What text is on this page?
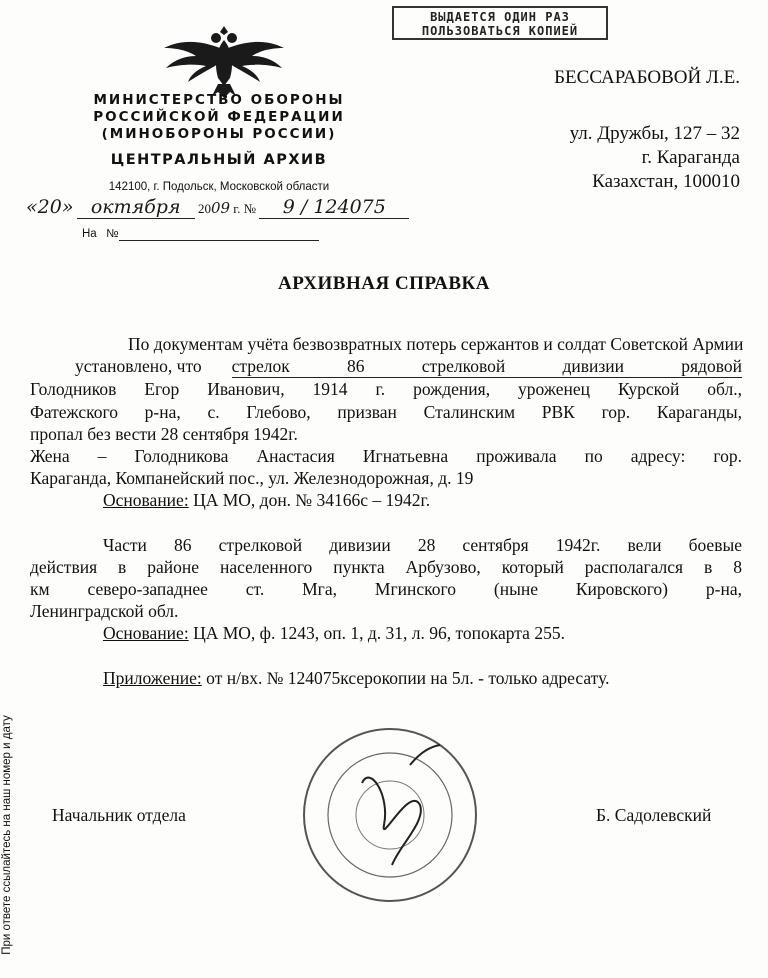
ВЫДАЕТСЯ ОДИН РАЗ
ПОЛЬЗОВАТЬСЯ КОПИЕЙ
МИНИСТЕРСТВО ОБОРОНЫ
РОССИЙСКОЙ ФЕДЕРАЦИИ
(МИНОБОРОНЫ РОССИИ)
ЦЕНТРАЛЬНЫЙ АРХИВ
142100, г. Подольск, Московской области
«20» октября 2009 г. № 9 / 124075
На №
БЕССАРАБОВОЙ Л.Е.
ул. Дружбы, 127 – 32
г. Караганда
Казахстан, 100010
АРХИВНАЯ СПРАВКА

По документам учёта безвозвратных потерь сержантов и солдат Советской Армии

установлено, что стрелок 86 стрелковой дивизии рядовой

Голодников Егор Иванович, 1914 г. рождения, уроженец Курской обл.,

Фатежского р-на, с. Глебово, призван Сталинским РВК гор. Караганды,

пропал без вести 28 сентября 1942г.

Жена – Голодникова Анастасия Игнатьевна проживала по адресу: гор.

Караганда, Компанейский пос., ул. Железнодорожная, д. 19

Основание: ЦА МО, дон. № 34166с – 1942г.

Части 86 стрелковой дивизии 28 сентября 1942г. вели боевые

действия в районе населенного пункта Арбузово, который располагался в 8

км северо-западнее ст. Мга, Мгинского (ныне Кировского) р-на,

Ленинградской обл.

Основание: ЦА МО, ф. 1243, оп. 1, д. 31, л. 96, топокарта 255.

Приложение: от н/вх. № 124075ксерокопии на 5л. - только адресату.

При ответе ссылайтесь на наш номер и дату Начальник отдела	Б. Садолевский
